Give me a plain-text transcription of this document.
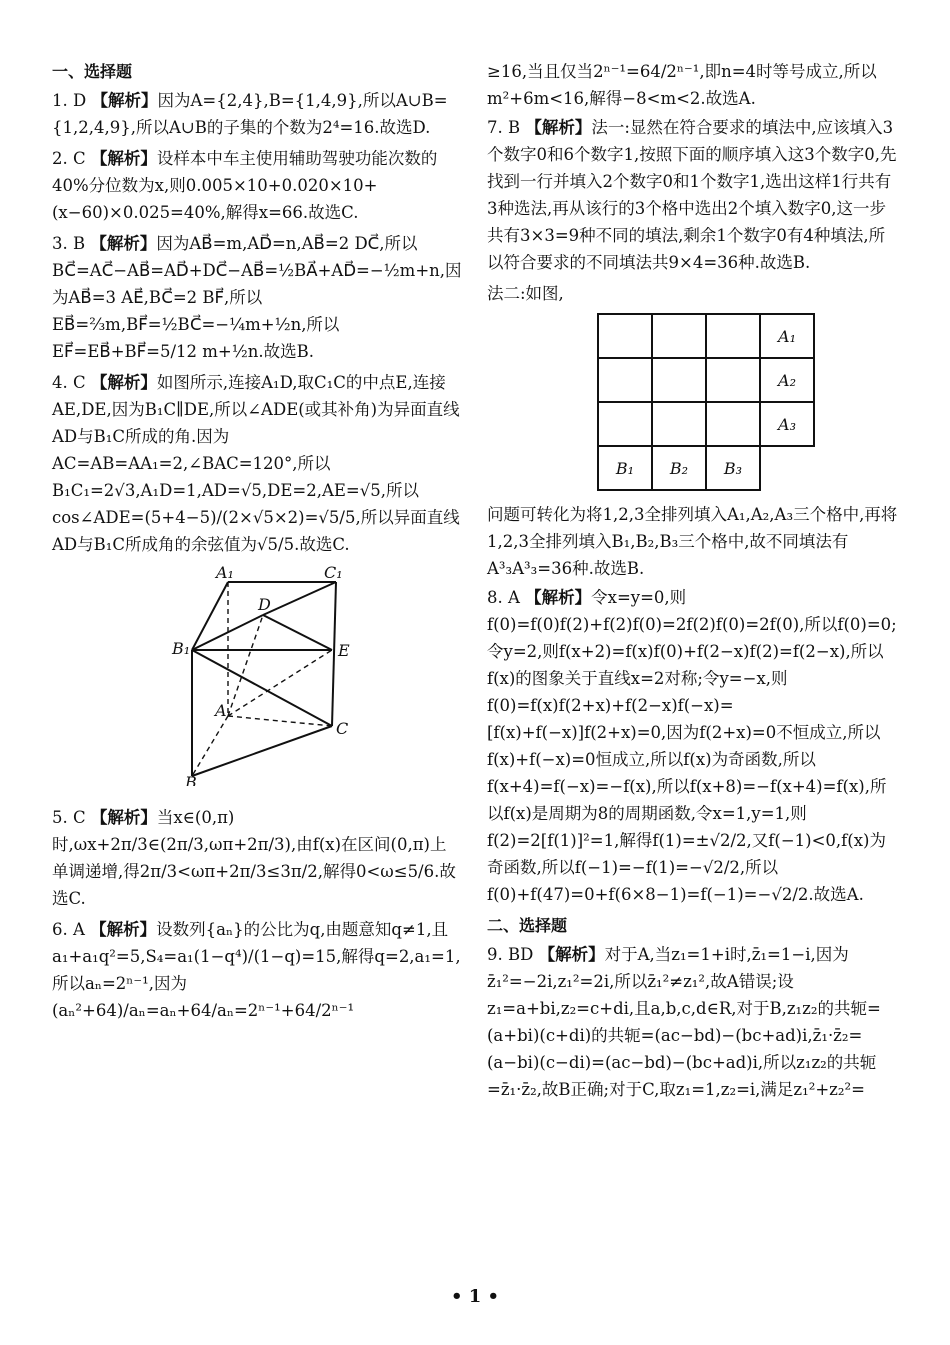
一、选择题
1. D 【解析】因为A={2,4},B={1,4,9},所以A∪B={1,2,4,9},所以A∪B的子集的个数为2⁴=16.故选D.
2. C 【解析】设样本中车主使用辅助驾驶功能次数的40%分位数为x,则0.005×10+0.020×10+(x−60)×0.025=40%,解得x=66.故选C.
3. B 【解析】因为AB⃗=m,AD⃗=n,AB⃗=2 DC⃗,所以BC⃗=AC⃗−AB⃗=AD⃗+DC⃗−AB⃗=½BA⃗+AD⃗=−½m+n,因为AB⃗=3 AE⃗,BC⃗=2 BF⃗,所以EB⃗=⅔m,BF⃗=½BC⃗=−¼m+½n,所以EF⃗=EB⃗+BF⃗=5/12 m+½n.故选B.
4. C 【解析】如图所示,连接A₁D,取C₁C的中点E,连接AE,DE,因为B₁C∥DE,所以∠ADE(或其补角)为异面直线AD与B₁C所成的角.因为AC=AB=AA₁=2,∠BAC=120°,所以B₁C₁=2√3,A₁D=1,AD=√5,DE=2,AE=√5,所以cos∠ADE=(5+4−5)/(2×√5×2)=√5/5,所以异面直线AD与B₁C所成角的余弦值为√5/5.故选C.
A₁	C₁
D
B₁	E
A
C
B
5. C 【解析】当x∈(0,π)时,ωx+2π/3∈(2π/3,ωπ+2π/3),由f(x)在区间(0,π)上单调递增,得2π/3<ωπ+2π/3≤3π/2,解得0<ω≤5/6.故选C.
6. A 【解析】设数列{aₙ}的公比为q,由题意知q≠1,且a₁+a₁q²=5,S₄=a₁(1−q⁴)/(1−q)=15,解得q=2,a₁=1,所以aₙ=2ⁿ⁻¹,因为(aₙ²+64)/aₙ=aₙ+64/aₙ=2ⁿ⁻¹+64/2ⁿ⁻¹
≥16,当且仅当2ⁿ⁻¹=64/2ⁿ⁻¹,即n=4时等号成立,所以m²+6m<16,解得−8<m<2.故选A.
7. B 【解析】法一:显然在符合要求的填法中,应该填入3个数字0和6个数字1,按照下面的顺序填入这3个数字0,先找到一行并填入2个数字0和1个数字1,选出这样1行共有3种选法,再从该行的3个格中选出2个填入数字0,这一步共有3×3=9种不同的填法,剩余1个数字0有4种填法,所以符合要求的不同填法共9×4=36种.故选B.
法二:如图,
			A₁
			A₂
			A₃
B₁	B₂	B₃	
问题可转化为将1,2,3全排列填入A₁,A₂,A₃三个格中,再将1,2,3全排列填入B₁,B₂,B₃三个格中,故不同填法有A³₃A³₃=36种.故选B.
8. A 【解析】令x=y=0,则f(0)=f(0)f(2)+f(2)f(0)=2f(2)f(0)=2f(0),所以f(0)=0;令y=2,则f(x+2)=f(x)f(0)+f(2−x)f(2)=f(2−x),所以f(x)的图象关于直线x=2对称;令y=−x,则f(0)=f(x)f(2+x)+f(2−x)f(−x)=[f(x)+f(−x)]f(2+x)=0,因为f(2+x)=0不恒成立,所以f(x)+f(−x)=0恒成立,所以f(x)为奇函数,所以f(x+4)=f(−x)=−f(x),所以f(x+8)=−f(x+4)=f(x),所以f(x)是周期为8的周期函数,令x=1,y=1,则f(2)=2[f(1)]²=1,解得f(1)=±√2/2,又f(−1)<0,f(x)为奇函数,所以f(−1)=−f(1)=−√2/2,所以f(0)+f(47)=0+f(6×8−1)=f(−1)=−√2/2.故选A.
二、选择题
9. BD 【解析】对于A,当z₁=1+i时,z̄₁=1−i,因为z̄₁²=−2i,z₁²=2i,所以z̄₁²≠z₁²,故A错误;设z₁=a+bi,z₂=c+di,且a,b,c,d∈R,对于B,z₁z₂的共轭=(a+bi)(c+di)的共轭=(ac−bd)−(bc+ad)i,z̄₁·z̄₂=(a−bi)(c−di)=(ac−bd)−(bc+ad)i,所以z₁z₂的共轭=z̄₁·z̄₂,故B正确;对于C,取z₁=1,z₂=i,满足z₁²+z₂²=
• 1 •
